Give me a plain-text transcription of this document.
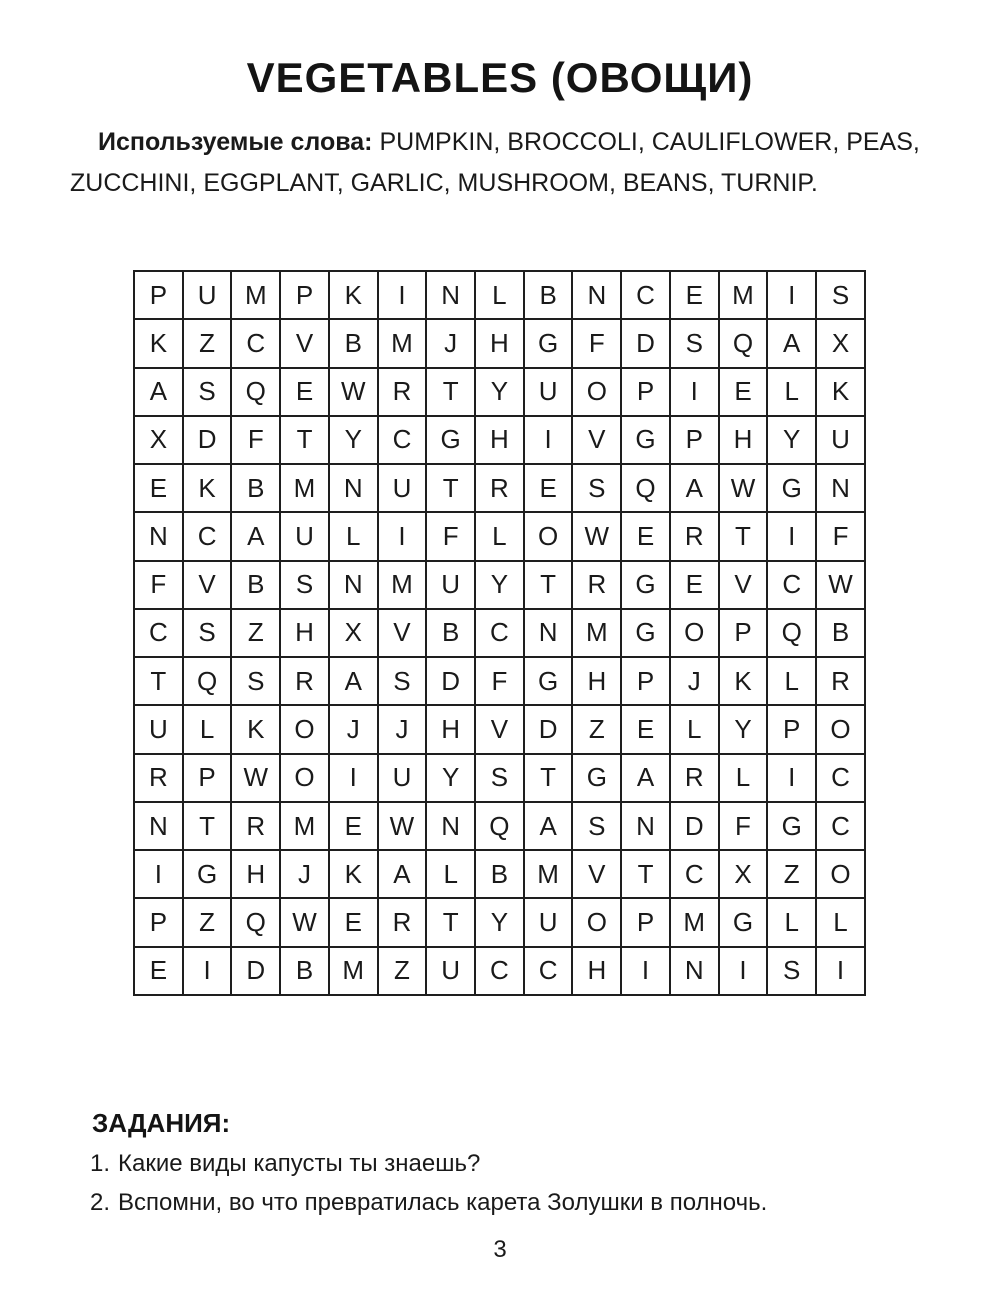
VEGETABLES (ОВОЩИ)
Используемые слова: PUMPKIN, BROCCOLI, CAULIFLOWER, PEAS,
ZUCCHINI, EGGPLANT, GARLIC, MUSHROOM, BEANS, TURNIP.
P	U	M	P	K	I	N	L	B	N	C	E	M	I	S
K	Z	C	V	B	M	J	H	G	F	D	S	Q	A	X
A	S	Q	E	W	R	T	Y	U	O	P	I	E	L	K
X	D	F	T	Y	C	G	H	I	V	G	P	H	Y	U
E	K	B	M	N	U	T	R	E	S	Q	A	W	G	N
N	C	A	U	L	I	F	L	O	W	E	R	T	I	F
F	V	B	S	N	M	U	Y	T	R	G	E	V	C	W
C	S	Z	H	X	V	B	C	N	M	G	O	P	Q	B
T	Q	S	R	A	S	D	F	G	H	P	J	K	L	R
U	L	K	O	J	J	H	V	D	Z	E	L	Y	P	O
R	P	W	O	I	U	Y	S	T	G	A	R	L	I	C
N	T	R	M	E	W	N	Q	A	S	N	D	F	G	C
I	G	H	J	K	A	L	B	M	V	T	C	X	Z	O
P	Z	Q	W	E	R	T	Y	U	O	P	M	G	L	L
E	I	D	B	M	Z	U	C	C	H	I	N	I	S	I
ЗАДАНИЯ:
1. Какие виды капусты ты знаешь?
2. Вспомни, во что превратилась карета Золушки в полночь.
3
